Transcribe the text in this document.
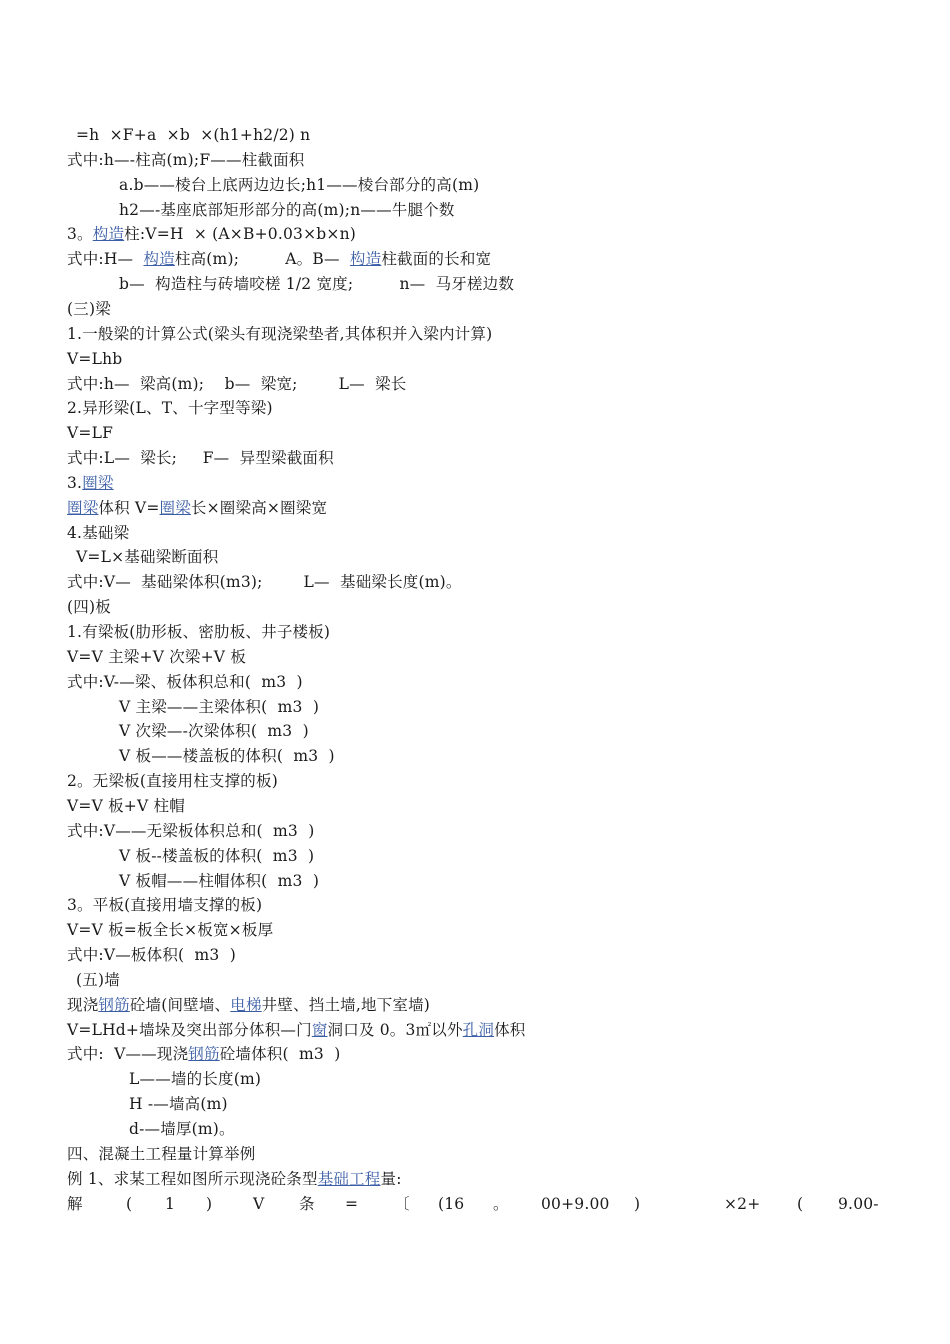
=h  ×F+a  ×b  ×(h1+h2/2) n
式中:h—-柱高(m);F——柱截面积
a.b——棱台上底两边边长;h1——棱台部分的高(m)
h2—-基座底部矩形部分的高(m);n——牛腿个数
3。构造柱:V=H  × (A×B+0.03×b×n)
式中:H—  构造柱高(m);         A。B—  构造柱截面的长和宽
b—  构造柱与砖墙咬槎 1/2 宽度;         n—  马牙槎边数
(三)梁
1.一般梁的计算公式(梁头有现浇梁垫者,其体积并入梁内计算)
V=Lhb
式中:h—  梁高(m);    b—  梁宽;        L—  梁长
2.异形梁(L、T、十字型等梁)
V=LF
式中:L—  梁长;     F—  异型梁截面积
3.圈梁
圈梁体积 V=圈梁长×圈梁高×圈梁宽
4.基础梁
V=L×基础梁断面积
式中:V—  基础梁体积(m3);        L—  基础梁长度(m)。
(四)板
1.有梁板(肋形板、密肋板、井子楼板)
V=V 主梁+V 次梁+V 板
式中:V-—梁、板体积总和(  m3  )
V 主梁——主梁体积(  m3  )
V 次梁—-次梁体积(  m3  )
V 板——楼盖板的体积(  m3  )
2。无梁板(直接用柱支撑的板)
V=V 板+V 柱帽
式中:V——无梁板体积总和(  m3  )
V 板--楼盖板的体积(  m3  )
V 板帽——柱帽体积(  m3  )
3。平板(直接用墙支撑的板)
V=V 板=板全长×板宽×板厚
式中:V—板体积(  m3  )
(五)墙
现浇钢筋砼墙(间壁墙、电梯井壁、挡土墙,地下室墙)
V=LHd+墙垛及突出部分体积—门窗洞口及 0。3㎡以外孔洞体积
式中:  V——现浇钢筋砼墙体积(  m3  )
L——墙的长度(m)
H -—墙高(m)
d-—墙厚(m)。
四、混凝土工程量计算举例
例 1、求某工程如图所示现浇砼条型基础工程量:
解	( 1 )	V 条 = 〔 (16 。 00+9.00 )	×2+ ( 9.00-
